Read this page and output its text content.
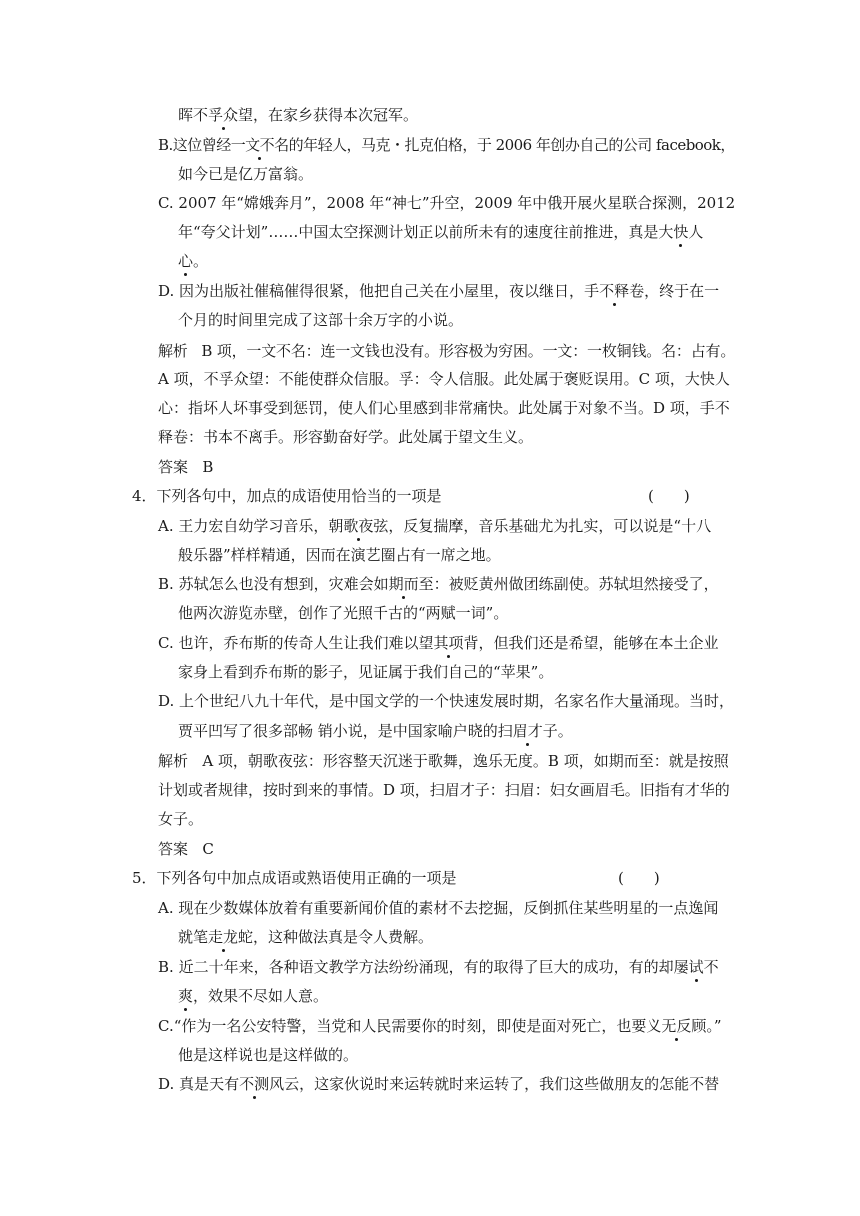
晖不孚众望，在家乡获得本次冠军。
B.这位曾经一文不名的年轻人，马克・扎克伯格，于 2006 年创办自己的公司 facebook，
如今已是亿万富翁。
C. 2007 年“嫦娥奔月”，2008 年“神七”升空，2009 年中俄开展火星联合探测，2012
年“夸父计划”……中国太空探测计划正以前所未有的速度往前推进，真是大快人
心。
D. 因为出版社催稿催得很紧，他把自己关在小屋里，夜以继日，手不释卷，终于在一
个月的时间里完成了这部十余万字的小说。
解析 B 项，一文不名：连一文钱也没有。形容极为穷困。一文：一枚铜钱。名：占有。
A 项，不孚众望：不能使群众信服。孚：令人信服。此处属于褒贬误用。C 项，大快人
心：指坏人坏事受到惩罚，使人们心里感到非常痛快。此处属于对象不当。D 项，手不
释卷：书本不离手。形容勤奋好学。此处属于望文生义。
答案 B
4．下列各句中，加点的成语使用恰当的一项是	(　　)
A. 王力宏自幼学习音乐，朝歌夜弦，反复揣摩，音乐基础尤为扎实，可以说是“十八
般乐器”样样精通，因而在演艺圈占有一席之地。
B. 苏轼怎么也没有想到，灾难会如期而至：被贬黄州做团练副使。苏轼坦然接受了，
他两次游览赤壁，创作了光照千古的“两赋一词”。
C. 也许，乔布斯的传奇人生让我们难以望其项背，但我们还是希望，能够在本土企业
家身上看到乔布斯的影子，见证属于我们自己的“苹果”。
D. 上个世纪八九十年代，是中国文学的一个快速发展时期，名家名作大量涌现。当时，
贾平凹写了很多部畅 销小说，是中国家喻户晓的扫眉才子。
解析 A 项，朝歌夜弦：形容整天沉迷于歌舞，逸乐无度。B 项，如期而至：就是按照
计划或者规律，按时到来的事情。D 项，扫眉才子：扫眉：妇女画眉毛。旧指有才华的
女子。
答案 C
5．下列各句中加点成语或熟语使用正确的一项是	(　　)
A. 现在少数媒体放着有重要新闻价值的素材不去挖掘，反倒抓住某些明星的一点逸闻
就笔走龙蛇，这种做法真是令人费解。
B. 近二十年来，各种语文教学方法纷纷涌现，有的取得了巨大的成功，有的却屡试不
爽，效果不尽如人意。
C.“作为一名公安特警，当党和人民需要你的时刻，即使是面对死亡，也要义无反顾。”
他是这样说也是这样做的。
D. 真是天有不测风云，这家伙说时来运转就时来运转了，我们这些做朋友的怎能不替
